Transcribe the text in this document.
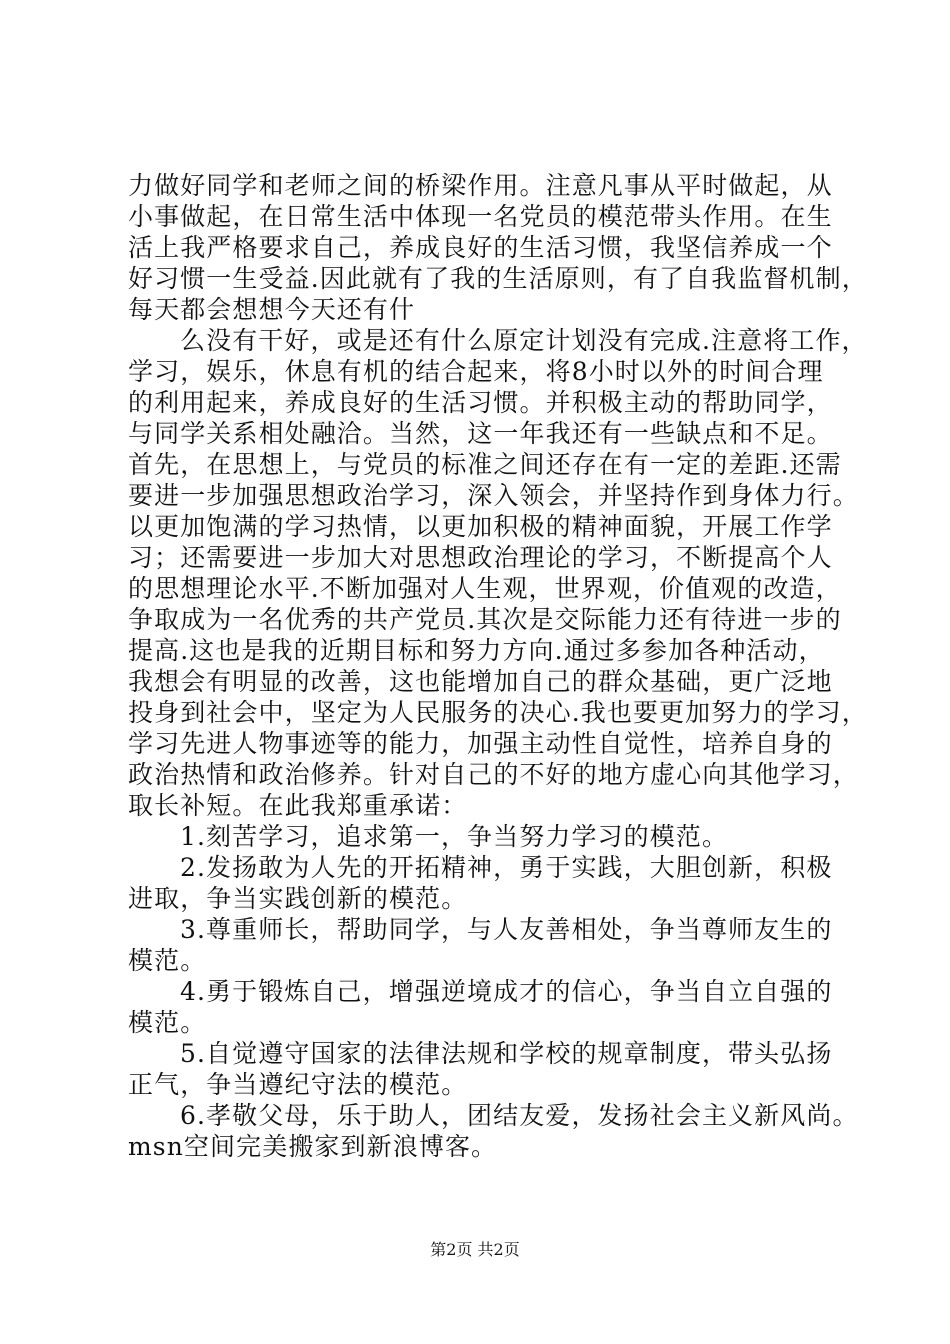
力做好同学和老师之间的桥梁作用。注意凡事从平时做起，从
小事做起，在日常生活中体现一名党员的模范带头作用。在生
活上我严格要求自己，养成良好的生活习惯，我坚信养成一个
好习惯一生受益.因此就有了我的生活原则，有了自我监督机制，
每天都会想想今天还有什
么没有干好，或是还有什么原定计划没有完成.注意将工作，
学习，娱乐，休息有机的结合起来，将8小时以外的时间合理
的利用起来，养成良好的生活习惯。并积极主动的帮助同学，
与同学关系相处融洽。当然，这一年我还有一些缺点和不足。
首先，在思想上，与党员的标准之间还存在有一定的差距.还需
要进一步加强思想政治学习，深入领会，并坚持作到身体力行。
以更加饱满的学习热情，以更加积极的精神面貌，开展工作学
习；还需要进一步加大对思想政治理论的学习，不断提高个人
的思想理论水平.不断加强对人生观，世界观，价值观的改造，
争取成为一名优秀的共产党员.其次是交际能力还有待进一步的
提高.这也是我的近期目标和努力方向.通过多参加各种活动，
我想会有明显的改善，这也能增加自己的群众基础，更广泛地
投身到社会中，坚定为人民服务的决心.我也要更加努力的学习，
学习先进人物事迹等的能力，加强主动性自觉性，培养自身的
政治热情和政治修养。针对自己的不好的地方虚心向其他学习，
取长补短。在此我郑重承诺：
1.刻苦学习，追求第一，争当努力学习的模范。
2.发扬敢为人先的开拓精神，勇于实践，大胆创新，积极
进取，争当实践创新的模范。
3.尊重师长，帮助同学，与人友善相处，争当尊师友生的
模范。
4.勇于锻炼自己，增强逆境成才的信心，争当自立自强的
模范。
5.自觉遵守国家的法律法规和学校的规章制度，带头弘扬
正气，争当遵纪守法的模范。
6.孝敬父母，乐于助人，团结友爱，发扬社会主义新风尚。
msn空间完美搬家到新浪博客。
第2页 共2页
